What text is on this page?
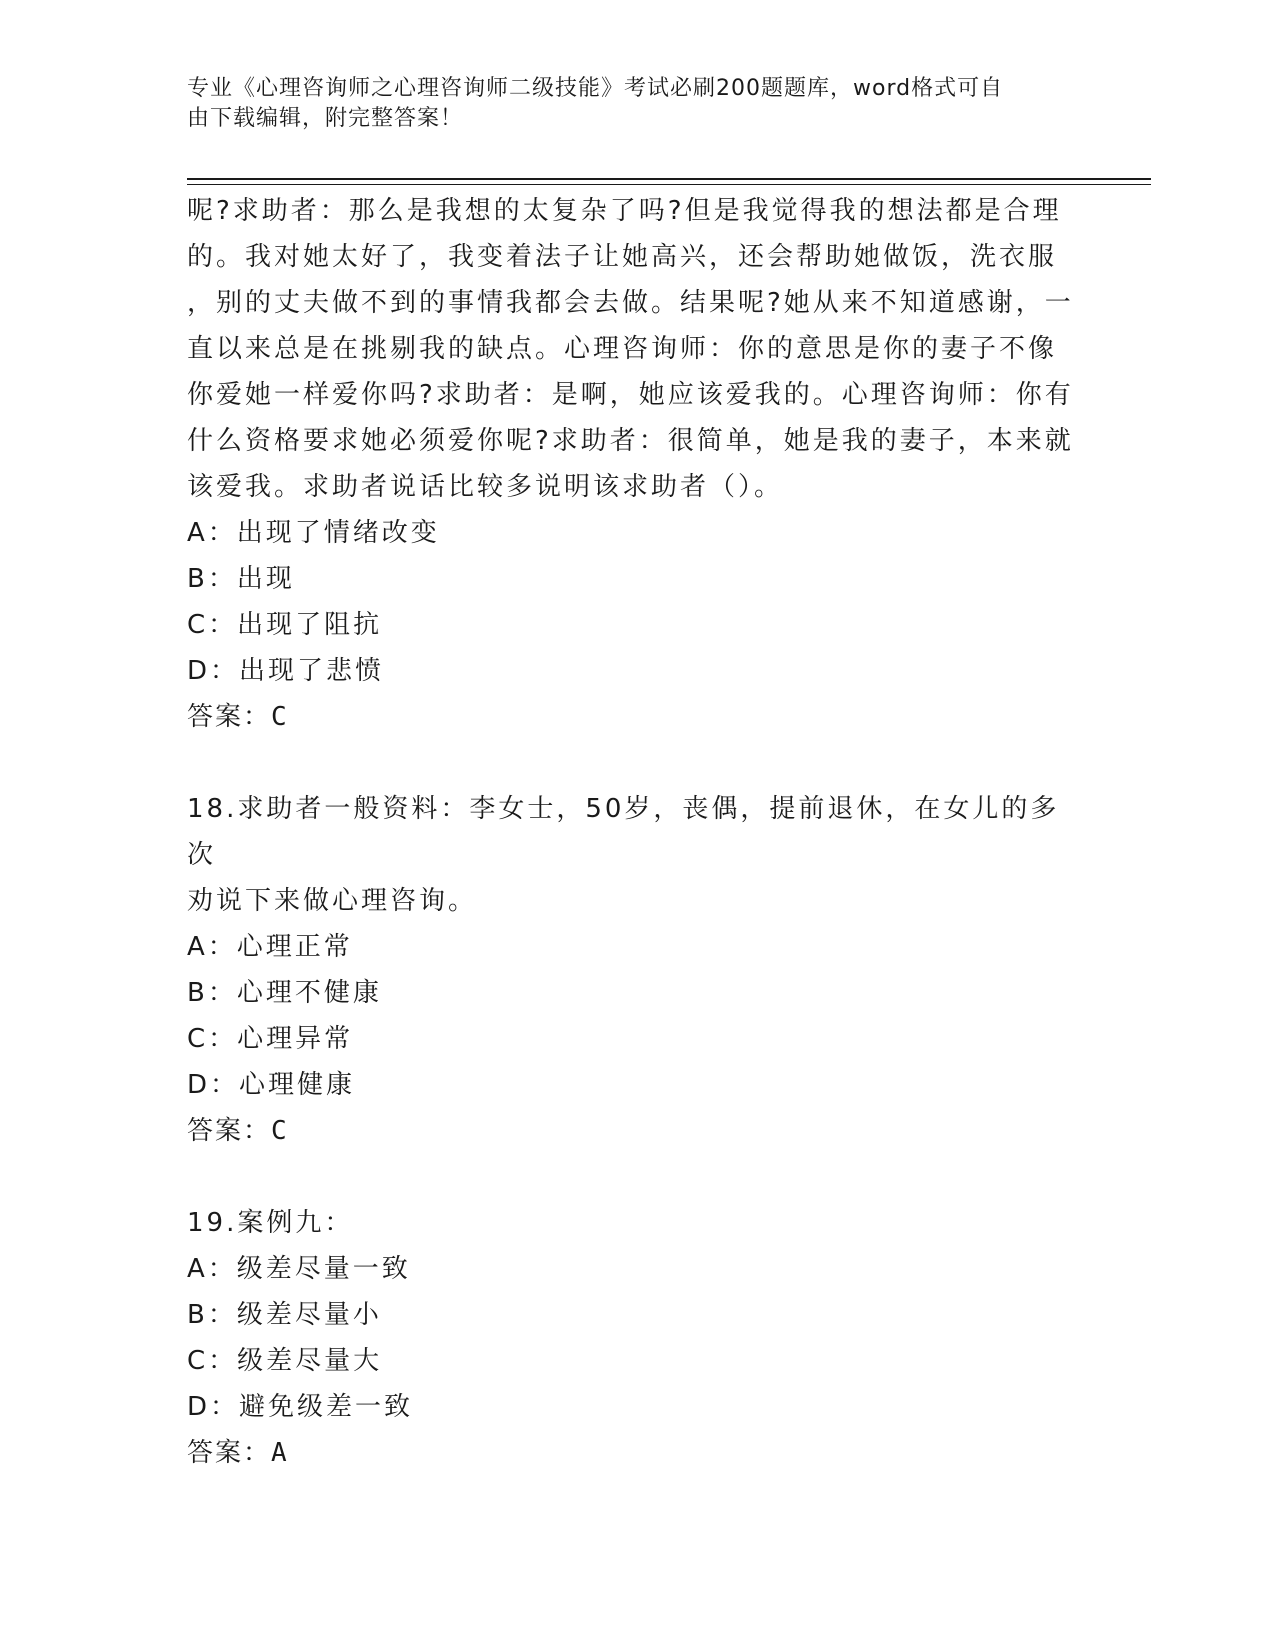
专业《心理咨询师之心理咨询师二级技能》考试必刷200题题库，word格式可自
由下载编辑，附完整答案！

呢?求助者：那么是我想的太复杂了吗?但是我觉得我的想法都是合理

的。我对她太好了，我变着法子让她高兴，还会帮助她做饭，洗衣服

，别的丈夫做不到的事情我都会去做。结果呢?她从来不知道感谢，一

直以来总是在挑剔我的缺点。心理咨询师：你的意思是你的妻子不像

你爱她一样爱你吗?求助者：是啊，她应该爱我的。心理咨询师：你有

什么资格要求她必须爱你呢?求助者：很简单，她是我的妻子，本来就

该爱我。求助者说话比较多说明该求助者（）。

A：出现了情绪改变

B：出现

C：出现了阻抗

D：出现了悲愤

答案：C

18.求助者一般资料：李女士，50岁，丧偶，提前退休，在女儿的多次

劝说下来做心理咨询。

A：心理正常

B：心理不健康

C：心理异常

D：心理健康

答案：C

19.案例九：

A：级差尽量一致

B：级差尽量小

C：级差尽量大

D：避免级差一致

答案：A
